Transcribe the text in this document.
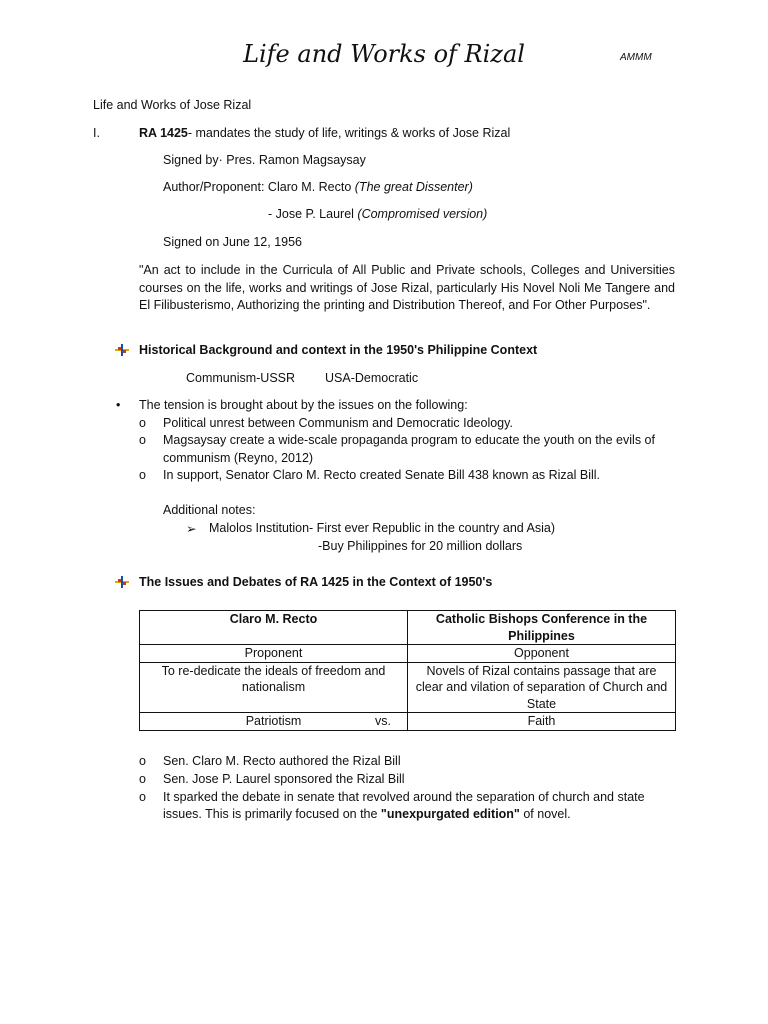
Life and Works of Rizal	AMMM
Life and Works of Jose Rizal
I.	RA 1425- mandates the study of life, writings & works of Jose Rizal
Signed by· Pres. Ramon Magsaysay
Author/Proponent: Claro M. Recto (The great Dissenter)
- Jose P. Laurel (Compromised version)
Signed on June 12, 1956
"An act to include in the Curricula of All Public and Private schools, Colleges and Universities courses on the life, works and writings of Jose Rizal, particularly His Novel Noli Me Tangere and El Filibusterismo, Authorizing the printing and Distribution Thereof, and For Other Purposes".
Historical Background and context in the 1950's Philippine Context
Communism-USSR USA-Democratic
• The tension is brought about by the issues on the following:
o Political unrest between Communism and Democratic Ideology.
o Magsaysay create a wide-scale propaganda program to educate the youth on the evils of
communism (Reyno, 2012)
o In support, Senator Claro M. Recto created Senate Bill 438 known as Rizal Bill.
Additional notes:
➢ Malolos Institution- First ever Republic in the country and Asia)
-Buy Philippines for 20 million dollars
The Issues and Debates of RA 1425 in the Context of 1950's
Claro M. Recto	Catholic Bishops Conference in the Philippines
Proponent	Opponent
To re-dedicate the ideals of freedom and nationalism	Novels of Rizal contains passage that are clear and vilation of separation of Church and State
Patriotism vs.	Faith
o Sen. Claro M. Recto authored the Rizal Bill
o Sen. Jose P. Laurel sponsored the Rizal Bill
o It sparked the debate in senate that revolved around the separation of church and state
issues. This is primarily focused on the "unexpurgated edition" of novel.
